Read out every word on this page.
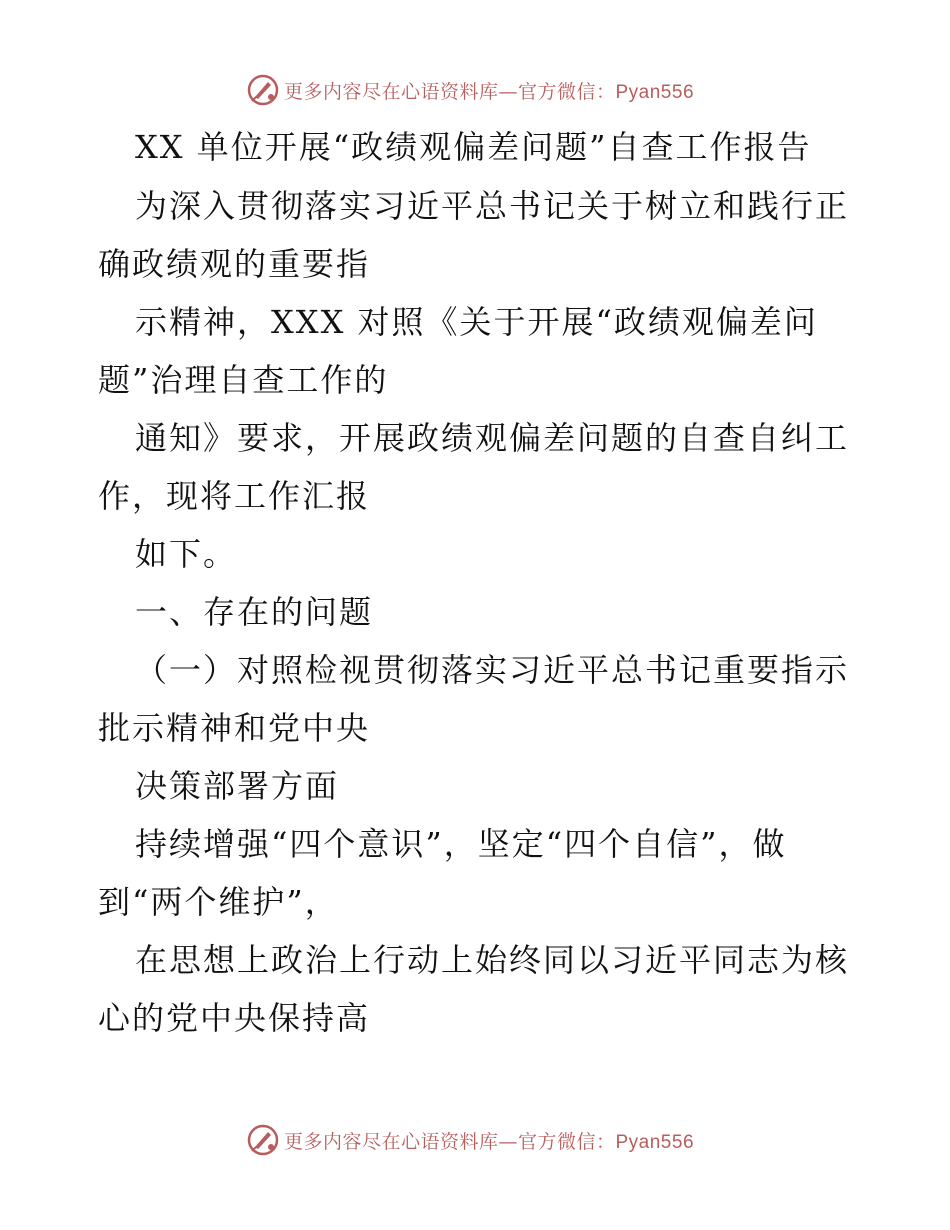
更多内容尽在心语资料库—官方微信：Pyan556
XX 单位开展“政绩观偏差问题”自查工作报告
为深入贯彻落实习近平总书记关于树立和践行正
确政绩观的重要指
示精神，XXX 对照《关于开展“政绩观偏差问
题”治理自查工作的
通知》要求，开展政绩观偏差问题的自查自纠工
作，现将工作汇报
如下。
一、存在的问题
（一）对照检视贯彻落实习近平总书记重要指示
批示精神和党中央
决策部署方面
持续增强“四个意识”，坚定“四个自信”，做
到“两个维护”，
在思想上政治上行动上始终同以习近平同志为核
心的党中央保持高
更多内容尽在心语资料库—官方微信：Pyan556
